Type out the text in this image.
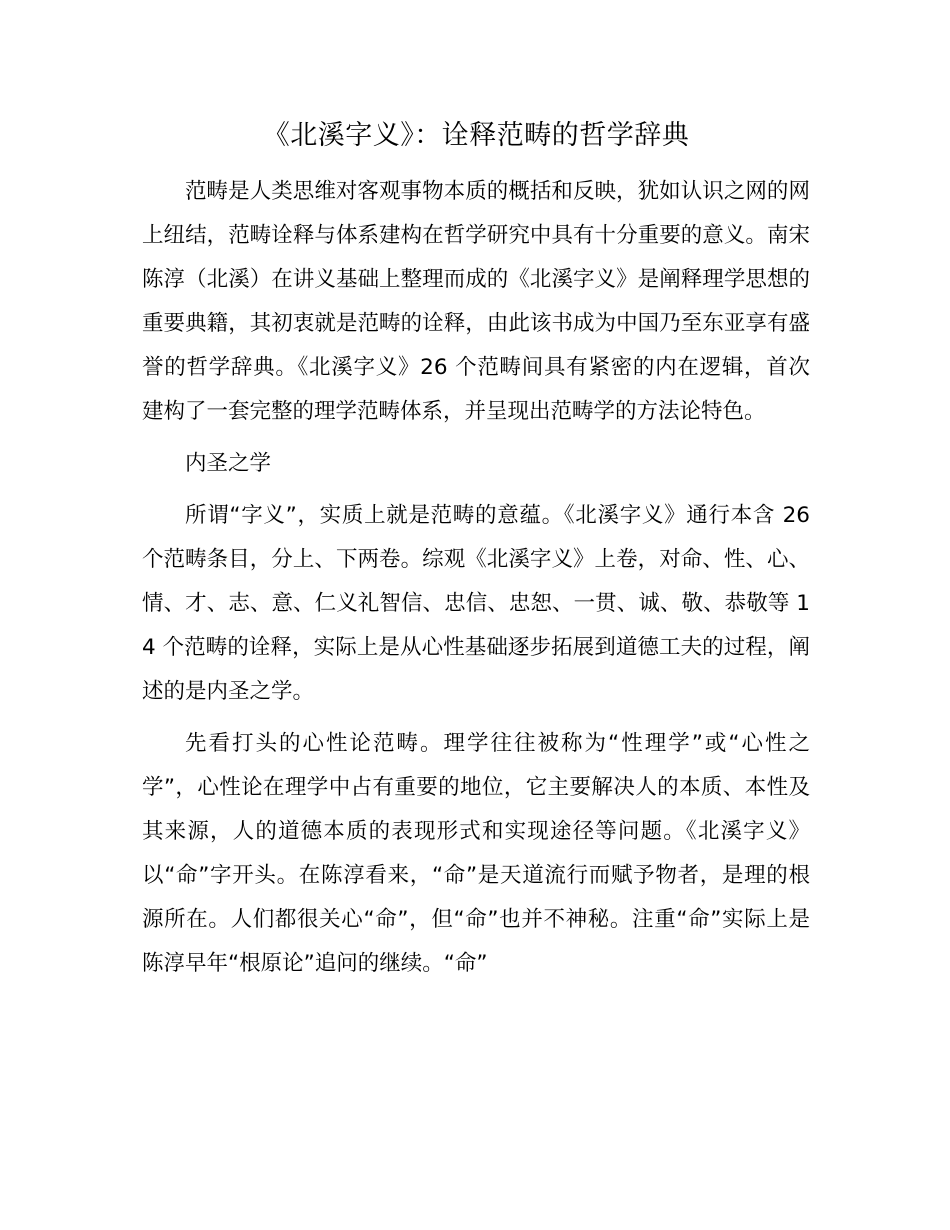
《北溪字义》：诠释范畴的哲学辞典

范畴是人类思维对客观事物本质的概括和反映，犹如认识之网的网上纽结，范畴诠释与体系建构在哲学研究中具有十分重要的意义。南宋陈淳（北溪）在讲义基础上整理而成的《北溪字义》是阐释理学思想的重要典籍，其初衷就是范畴的诠释，由此该书成为中国乃至东亚享有盛誉的哲学辞典。《北溪字义》26 个范畴间具有紧密的内在逻辑，首次建构了一套完整的理学范畴体系，并呈现出范畴学的方法论特色。

内圣之学

所谓“字义”，实质上就是范畴的意蕴。《北溪字义》通行本含 26 个范畴条目，分上、下两卷。综观《北溪字义》上卷，对命、性、心、情、才、志、意、仁义礼智信、忠信、忠恕、一贯、诚、敬、恭敬等 14 个范畴的诠释，实际上是从心性基础逐步拓展到道德工夫的过程，阐述的是内圣之学。

先看打头的心性论范畴。理学往往被称为“性理学”或“心性之学”，心性论在理学中占有重要的地位，它主要解决人的本质、本性及其来源，人的道德本质的表现形式和实现途径等问题。《北溪字义》以“命”字开头。在陈淳看来，“命”是天道流行而赋予物者，是理的根源所在。人们都很关心“命”，但“命”也并不神秘。注重“命”实际上是陈淳早年“根原论”追问的继续。“命”
